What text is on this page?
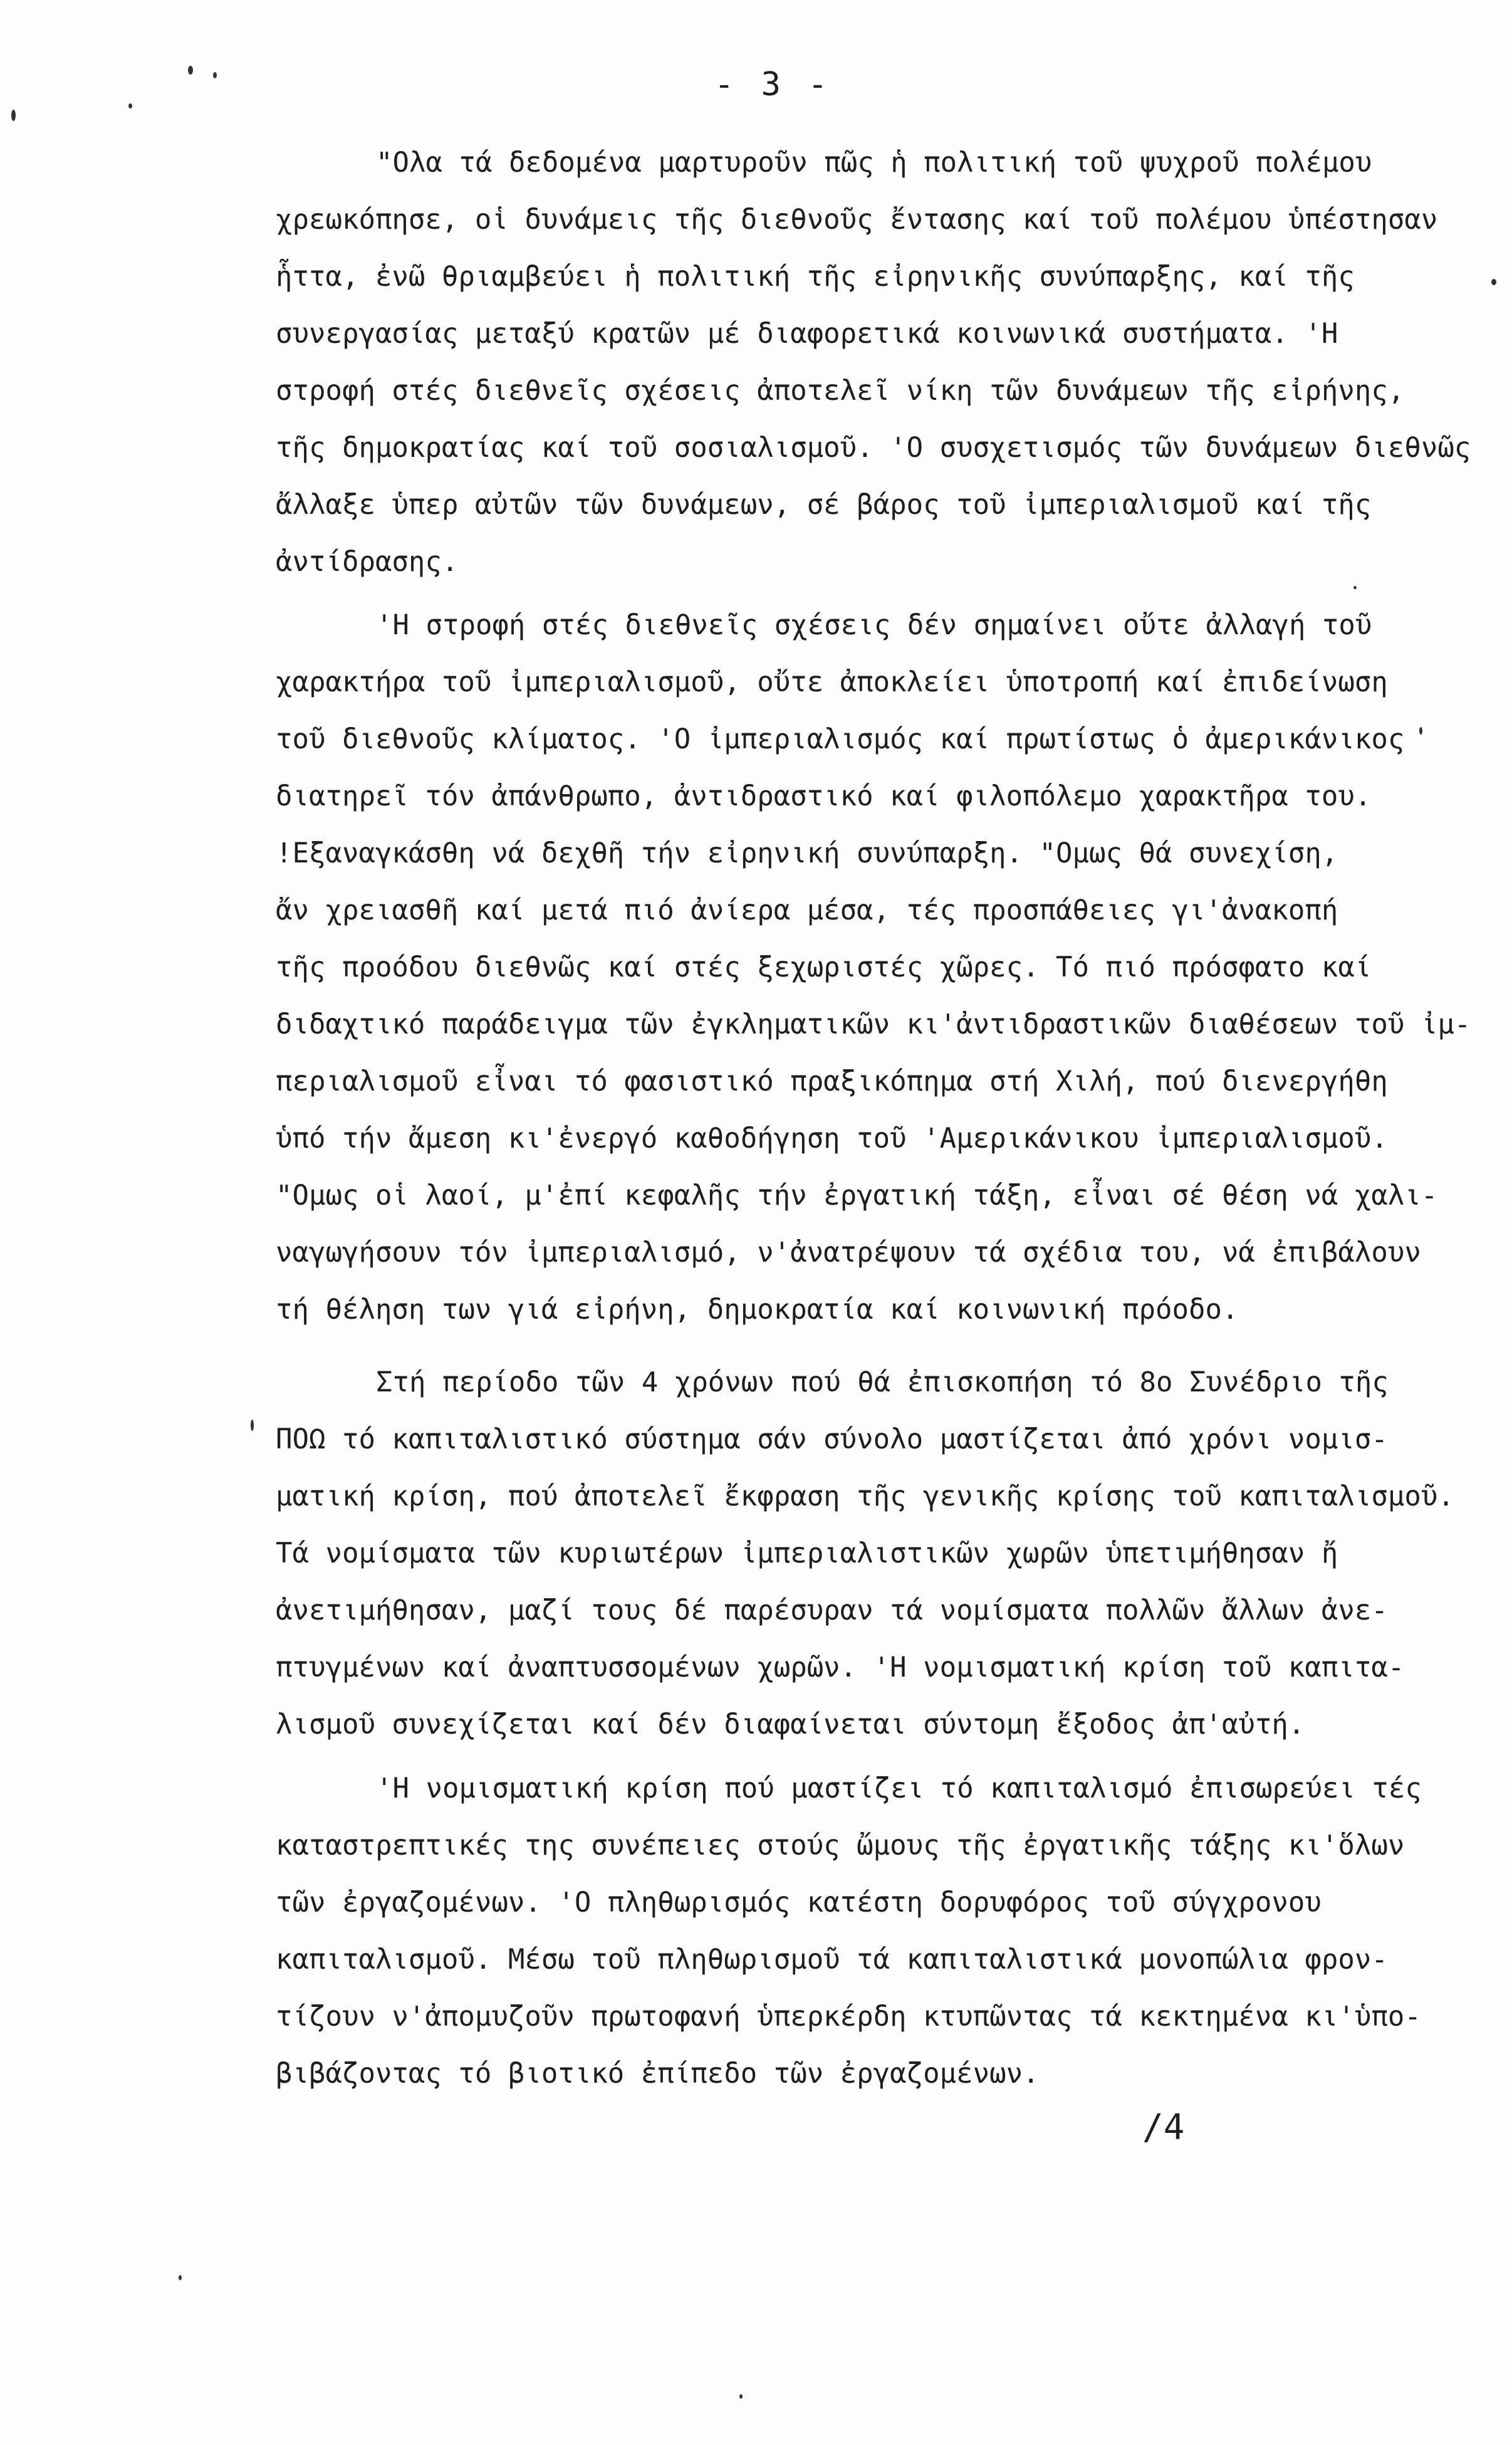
- 3 -
"Ολα τά δεδομένα μαρτυροῦν πῶς ἡ πολιτική τοῦ ψυχροῦ πολέμου
χρεωκόπησε, οἱ δυνάμεις τῆς διεθνοῦς ἔντασης καί τοῦ πολέμου ὑπέστησαν
ἧττα, ἐνῶ θριαμβεύει ἡ πολιτική τῆς εἰρηνικῆς συνύπαρξης, καί τῆς
συνεργασίας μεταξύ κρατῶν μέ διαφορετικά κοινωνικά συστήματα. 'Η
στροφή στές διεθνεῖς σχέσεις ἀποτελεῖ νίκη τῶν δυνάμεων τῆς εἰρήνης,
τῆς δημοκρατίας καί τοῦ σοσιαλισμοῦ. 'Ο συσχετισμός τῶν δυνάμεων διεθνῶς
ἄλλαξε ὑπερ αὐτῶν τῶν δυνάμεων, σέ βάρος τοῦ ἰμπεριαλισμοῦ καί τῆς
ἀντίδρασης.
'Η στροφή στές διεθνεῖς σχέσεις δέν σημαίνει οὔτε ἀλλαγή τοῦ
χαρακτήρα τοῦ ἰμπεριαλισμοῦ, οὔτε ἀποκλείει ὑποτροπή καί ἐπιδείνωση
τοῦ διεθνοῦς κλίματος. 'Ο ἰμπεριαλισμός καί πρωτίστως ὁ ἀμερικάνικος
διατηρεῖ τόν ἀπάνθρωπο, ἀντιδραστικό καί φιλοπόλεμο χαρακτῆρα του.
!Εξαναγκάσθη νά δεχθῆ τήν εἰρηνική συνύπαρξη. "Ομως θά συνεχίση,
ἄν χρειασθῆ καί μετά πιό ἀνίερα μέσα, τές προσπάθειες γι'ἀνακοπή
τῆς προόδου διεθνῶς καί στές ξεχωριστές χῶρες. Τό πιό πρόσφατο καί
διδαχτικό παράδειγμα τῶν ἐγκληματικῶν κι'ἀντιδραστικῶν διαθέσεων τοῦ ἰμ-
περιαλισμοῦ εἶναι τό φασιστικό πραξικόπημα στή Χιλή, πού διενεργήθη
ὑπό τήν ἄμεση κι'ἐνεργό καθοδήγηση τοῦ 'Αμερικάνικου ἰμπεριαλισμοῦ.
"Ομως οἱ λαοί, μ'ἐπί κεφαλῆς τήν ἐργατική τάξη, εἶναι σέ θέση νά χαλι-
ναγωγήσουν τόν ἰμπεριαλισμό, ν'ἀνατρέψουν τά σχέδια του, νά ἐπιβάλουν
τή θέληση των γιά εἰρήνη, δημοκρατία καί κοινωνική πρόοδο.
Στή περίοδο τῶν 4 χρόνων πού θά ἐπισκοπήση τό 8ο Συνέδριο τῆς
ΠΟΩ τό καπιταλιστικό σύστημα σάν σύνολο μαστίζεται ἀπό χρόνι νομισ-
ματική κρίση, πού ἀποτελεῖ ἔκφραση τῆς γενικῆς κρίσης τοῦ καπιταλισμοῦ.
Τά νομίσματα τῶν κυριωτέρων ἰμπεριαλιστικῶν χωρῶν ὑπετιμήθησαν ἤ
ἀνετιμήθησαν, μαζί τους δέ παρέσυραν τά νομίσματα πολλῶν ἄλλων ἀνε-
πτυγμένων καί ἀναπτυσσομένων χωρῶν. 'Η νομισματική κρίση τοῦ καπιτα-
λισμοῦ συνεχίζεται καί δέν διαφαίνεται σύντομη ἔξοδος ἀπ'αὐτή.
'Η νομισματική κρίση πού μαστίζει τό καπιταλισμό ἐπισωρεύει τές
καταστρεπτικές της συνέπειες στούς ὤμους τῆς ἐργατικῆς τάξης κι'ὅλων
τῶν ἐργαζομένων. 'Ο πληθωρισμός κατέστη δορυφόρος τοῦ σύγχρονου
καπιταλισμοῦ. Μέσω τοῦ πληθωρισμοῦ τά καπιταλιστικά μονοπώλια φρον-
τίζουν ν'ἀπομυζοῦν πρωτοφανή ὑπερκέρδη κτυπῶντας τά κεκτημένα κι'ὑπο-
βιβάζοντας τό βιοτικό ἐπίπεδο τῶν ἐργαζομένων.
/4
